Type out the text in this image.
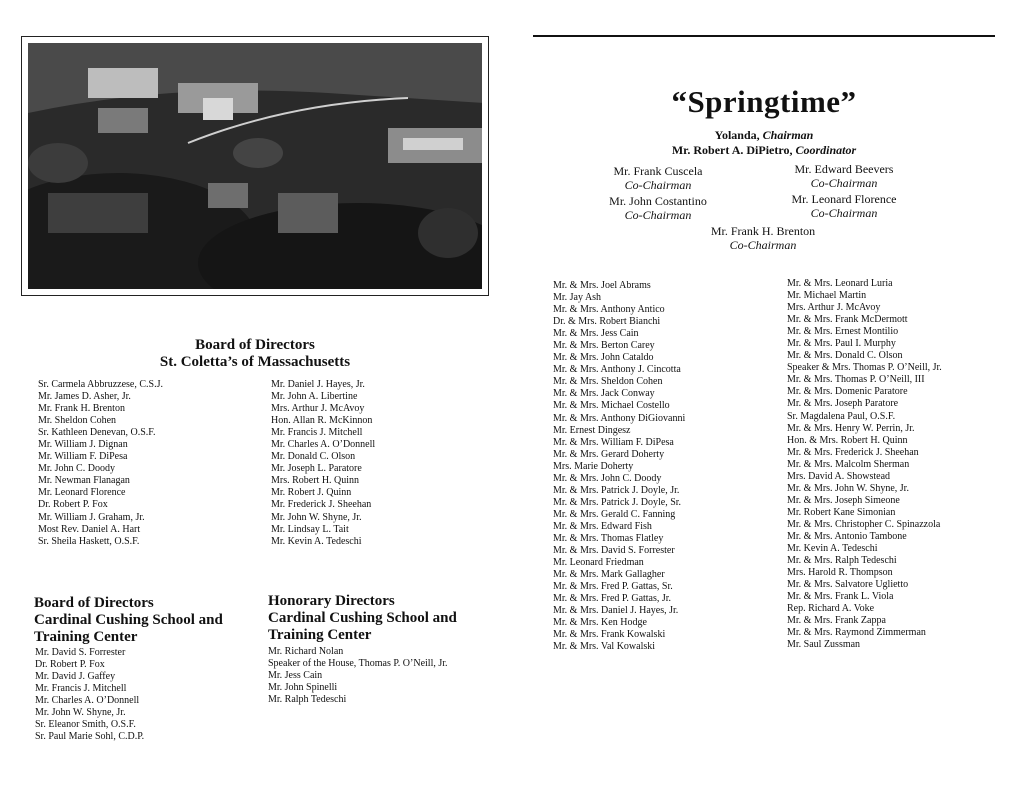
“Springtime”
Yolanda, Chairman
Mr. Robert A. DiPietro, Coordinator
Mr. Frank Cuscela
Co-Chairman
Mr. Edward Beevers
Co-Chairman
Mr. John Costantino
Co-Chairman
Mr. Leonard Florence
Co-Chairman
Mr. Frank H. Brenton
Co-Chairman
Board of Directors
St. Coletta’s of Massachusetts
Sr. Carmela Abbruzzese, C.S.J.
Mr. James D. Asher, Jr.
Mr. Frank H. Brenton
Mr. Sheldon Cohen
Sr. Kathleen Denevan, O.S.F.
Mr. William J. Dignan
Mr. William F. DiPesa
Mr. John C. Doody
Mr. Newman Flanagan
Mr. Leonard Florence
Dr. Robert P. Fox
Mr. William J. Graham, Jr.
Most Rev. Daniel A. Hart
Sr. Sheila Haskett, O.S.F.
Mr. Daniel J. Hayes, Jr.
Mr. John A. Libertine
Mrs. Arthur J. McAvoy
Hon. Allan R. McKinnon
Mr. Francis J. Mitchell
Mr. Charles A. O’Donnell
Mr. Donald C. Olson
Mr. Joseph L. Paratore
Mrs. Robert H. Quinn
Mr. Robert J. Quinn
Mr. Frederick J. Sheehan
Mr. John W. Shyne, Jr.
Mr. Lindsay L. Tait
Mr. Kevin A. Tedeschi
Board of Directors
Cardinal Cushing School and
Training Center
Mr. David S. Forrester
Dr. Robert P. Fox
Mr. David J. Gaffey
Mr. Francis J. Mitchell
Mr. Charles A. O’Donnell
Mr. John W. Shyne, Jr.
Sr. Eleanor Smith, O.S.F.
Sr. Paul Marie Sohl, C.D.P.
Honorary Directors
Cardinal Cushing School and
Training Center
Mr. Richard Nolan
Speaker of the House, Thomas P. O’Neill, Jr.
Mr. Jess Cain
Mr. John Spinelli
Mr. Ralph Tedeschi
Mr. & Mrs. Joel Abrams
Mr. Jay Ash
Mr. & Mrs. Anthony Antico
Dr. & Mrs. Robert Bianchi
Mr. & Mrs. Jess Cain
Mr. & Mrs. Berton Carey
Mr. & Mrs. John Cataldo
Mr. & Mrs. Anthony J. Cincotta
Mr. & Mrs. Sheldon Cohen
Mr. & Mrs. Jack Conway
Mr. & Mrs. Michael Costello
Mr. & Mrs. Anthony DiGiovanni
Mr. Ernest Dingesz
Mr. & Mrs. William F. DiPesa
Mr. & Mrs. Gerard Doherty
Mrs. Marie Doherty
Mr. & Mrs. John C. Doody
Mr. & Mrs. Patrick J. Doyle, Jr.
Mr. & Mrs. Patrick J. Doyle, Sr.
Mr. & Mrs. Gerald C. Fanning
Mr. & Mrs. Edward Fish
Mr. & Mrs. Thomas Flatley
Mr. & Mrs. David S. Forrester
Mr. Leonard Friedman
Mr. & Mrs. Mark Gallagher
Mr. & Mrs. Fred P. Gattas, Sr.
Mr. & Mrs. Fred P. Gattas, Jr.
Mr. & Mrs. Daniel J. Hayes, Jr.
Mr. & Mrs. Ken Hodge
Mr. & Mrs. Frank Kowalski
Mr. & Mrs. Val Kowalski
Mr. & Mrs. Leonard Luria
Mr. Michael Martin
Mrs. Arthur J. McAvoy
Mr. & Mrs. Frank McDermott
Mr. & Mrs. Ernest Montilio
Mr. & Mrs. Paul I. Murphy
Mr. & Mrs. Donald C. Olson
Speaker & Mrs. Thomas P. O’Neill, Jr.
Mr. & Mrs. Thomas P. O’Neill, III
Mr. & Mrs. Domenic Paratore
Mr. & Mrs. Joseph Paratore
Sr. Magdalena Paul, O.S.F.
Mr. & Mrs. Henry W. Perrin, Jr.
Hon. & Mrs. Robert H. Quinn
Mr. & Mrs. Frederick J. Sheehan
Mr. & Mrs. Malcolm Sherman
Mrs. David A. Showstead
Mr. & Mrs. John W. Shyne, Jr.
Mr. & Mrs. Joseph Simeone
Mr. Robert Kane Simonian
Mr. & Mrs. Christopher C. Spinazzola
Mr. & Mrs. Antonio Tambone
Mr. Kevin A. Tedeschi
Mr. & Mrs. Ralph Tedeschi
Mrs. Harold R. Thompson
Mr. & Mrs. Salvatore Uglietto
Mr. & Mrs. Frank L. Viola
Rep. Richard A. Voke
Mr. & Mrs. Frank Zappa
Mr. & Mrs. Raymond Zimmerman
Mr. Saul Zussman
